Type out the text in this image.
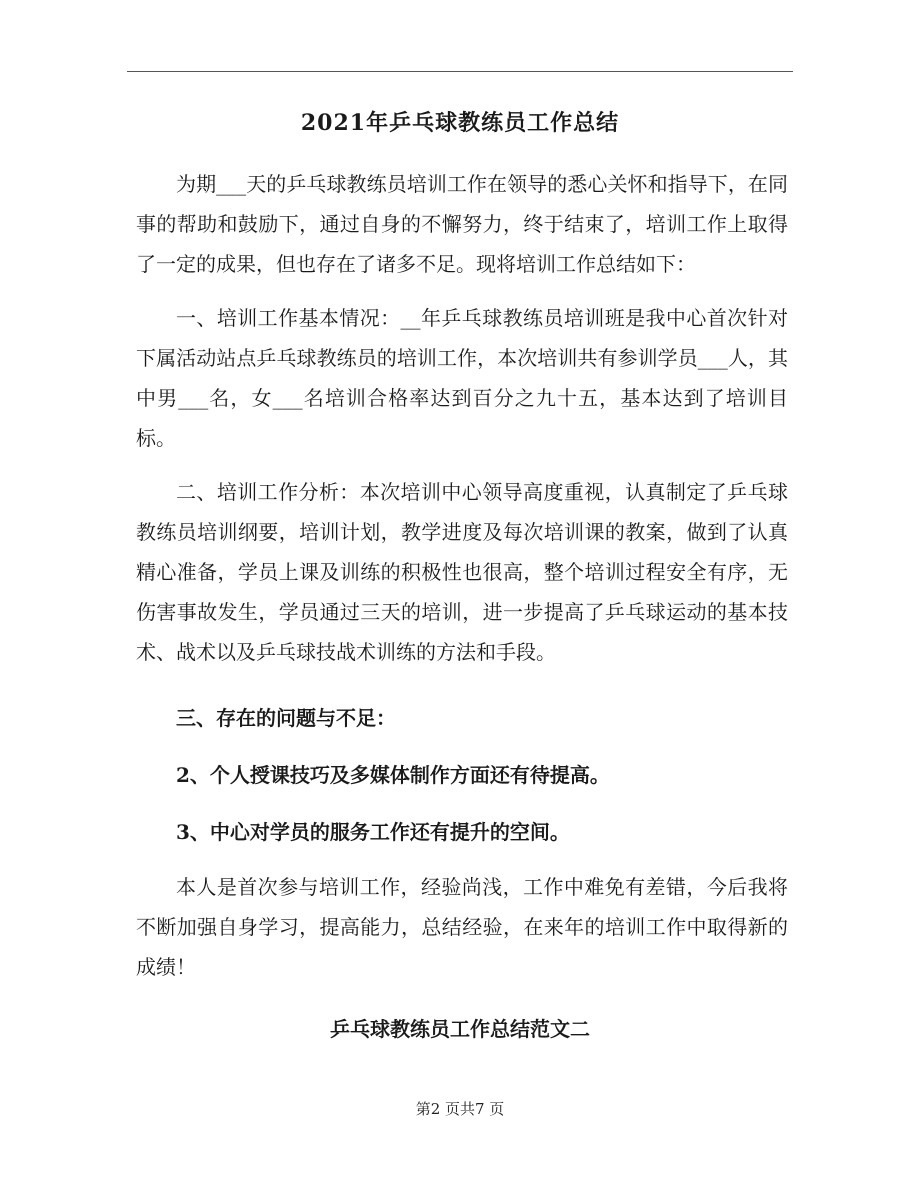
2021年乒乓球教练员工作总结

为期___天的乒乓球教练员培训工作在领导的悉心关怀和指导下，在同事的帮助和鼓励下，通过自身的不懈努力，终于结束了，培训工作上取得了一定的成果，但也存在了诸多不足。现将培训工作总结如下：

一、培训工作基本情况：__年乒乓球教练员培训班是我中心首次针对下属活动站点乒乓球教练员的培训工作，本次培训共有参训学员___人，其中男___名，女___名培训合格率达到百分之九十五，基本达到了培训目标。

二、培训工作分析：本次培训中心领导高度重视，认真制定了乒乓球教练员培训纲要，培训计划，教学进度及每次培训课的教案，做到了认真精心准备，学员上课及训练的积极性也很高，整个培训过程安全有序，无伤害事故发生，学员通过三天的培训，进一步提高了乒乓球运动的基本技术、战术以及乒乓球技战术训练的方法和手段。

三、存在的问题与不足：

2、个人授课技巧及多媒体制作方面还有待提高。

3、中心对学员的服务工作还有提升的空间。

本人是首次参与培训工作，经验尚浅，工作中难免有差错，今后我将不断加强自身学习，提高能力，总结经验，在来年的培训工作中取得新的成绩！

乒乓球教练员工作总结范文二
第2 页共7 页
